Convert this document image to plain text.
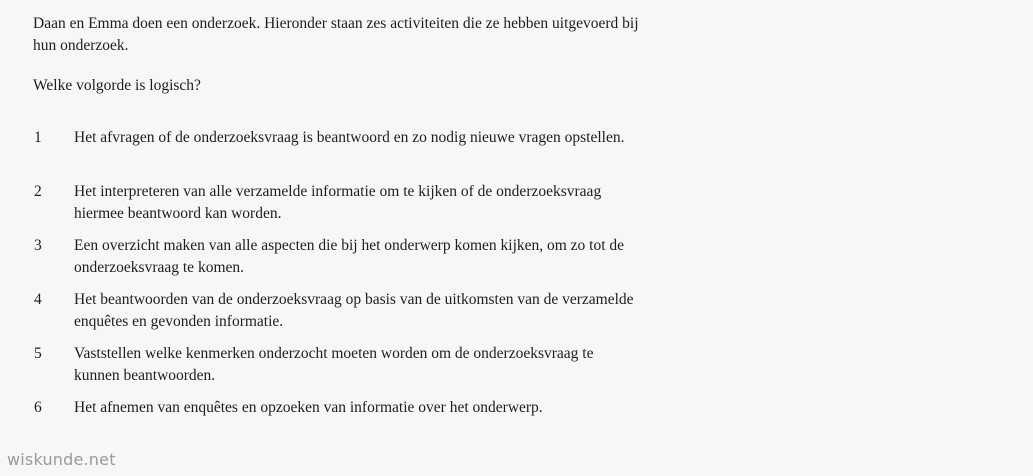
Daan en Emma doen een onderzoek. Hieronder staan zes activiteiten die ze hebben uitgevoerd bij hun onderzoek.
Welke volgorde is logisch?
1 Het afvragen of de onderzoeksvraag is beantwoord en zo nodig nieuwe vragen opstellen.
2 Het interpreteren van alle verzamelde informatie om te kijken of de onderzoeksvraag hiermee beantwoord kan worden.
3 Een overzicht maken van alle aspecten die bij het onderwerp komen kijken, om zo tot de onderzoeksvraag te komen.
4 Het beantwoorden van de onderzoeksvraag op basis van de uitkomsten van de verzamelde enquêtes en gevonden informatie.
5 Vaststellen welke kenmerken onderzocht moeten worden om de onderzoeksvraag te kunnen beantwoorden.
6 Het afnemen van enquêtes en opzoeken van informatie over het onderwerp.
wiskunde.net
